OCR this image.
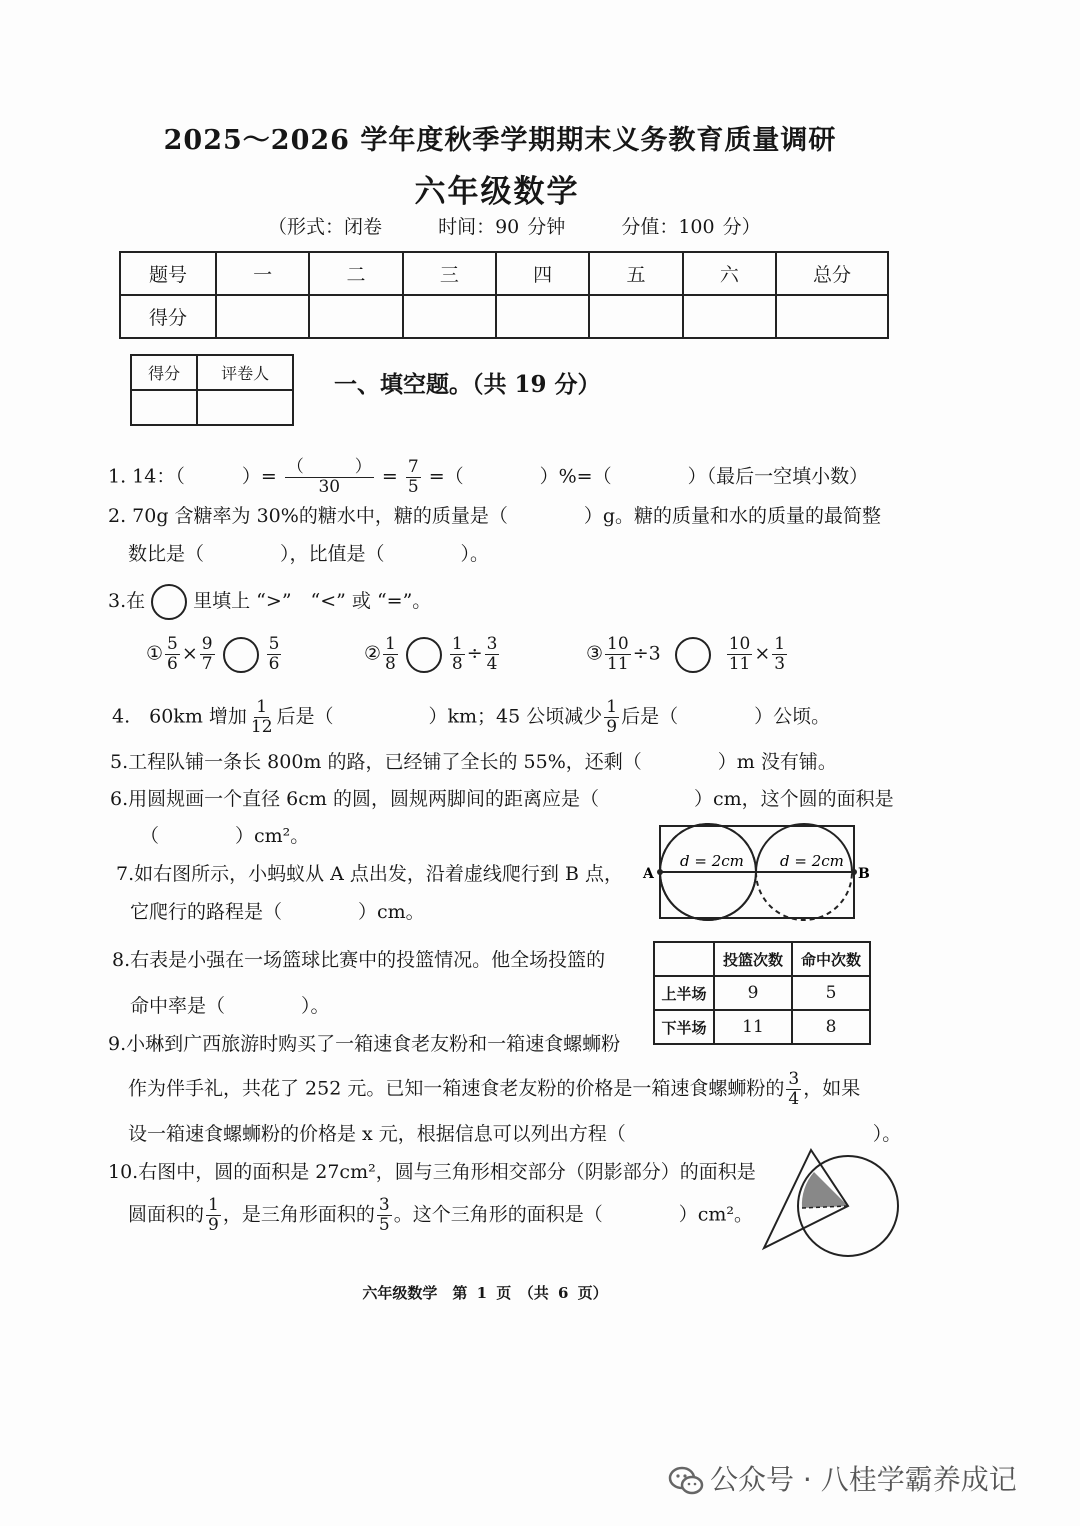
2025～2026 学年度秋季学期期末义务教育质量调研
六年级数学
（形式：闭卷	时间：90 分钟	分值：100 分）
题号	一	二	三	四	五	六	总分
得分							
得分	评卷人
		一、填空题。（共 19 分）
1. 14：（　　　）= $\frac{( )}{30} = \frac{7}{5}$ =（　　　　）%=（　　　　）（最后一空填小数）
2. 70g 含糖率为 30%的糖水中，糖的质量是（　　　　）g。糖的质量和水的质量的最简整
数比是（　　　　），比值是（　　　　）。
3.在	里填上 “>”　“<” 或 “=”。
① $\frac{5}{6} \times \frac{9}{7}$	$\frac{5}{6}$	② $\frac{1}{8}$	$\frac{1}{8} \div \frac{3}{4}$	③ $\frac{10}{11} \div 3$	$\frac{10}{11} \times \frac{1}{3}$
4.　60km 增加 $\frac{1}{12}$ 后是（　　　　　）km；45 公顷减少 $\frac{1}{9}$ 后是（　　　　）公顷。
5.工程队铺一条长 800m 的路，已经铺了全长的 55%，还剩（　　　　）m 没有铺。
6.用圆规画一个直径 6cm 的圆，圆规两脚间的距离应是（　　　　　）cm，这个圆的面积是
（　　　　）cm²。
7.如右图所示，小蚂蚁从 A 点出发，沿着虚线爬行到 B 点，
它爬行的路程是（　　　　）cm。
A	B
d = 2cm d = 2cm
8.右表是小强在一场篮球比赛中的投篮情况。他全场投篮的
命中率是（　　　　）。
	投篮次数	命中次数
上半场	9	5
下半场	11	8
9.小琳到广西旅游时购买了一箱速食老友粉和一箱速食螺蛳粉
作为伴手礼，共花了 252 元。已知一箱速食老友粉的价格是一箱速食螺蛳粉的 $\frac{3}{4}$ ，如果
设一箱速食螺蛳粉的价格是 x 元，根据信息可以列出方程（　　　　　　　　　　　　　）。
10.右图中，圆的面积是 27cm²，圆与三角形相交部分（阴影部分）的面积是
圆面积的 $\frac{1}{9}$ ，是三角形面积的 $\frac{3}{5}$ 。这个三角形的面积是（　　　　）cm²。
六年级数学　第 1 页　（共 6 页）
公众号 · 八桂学霸养成记
